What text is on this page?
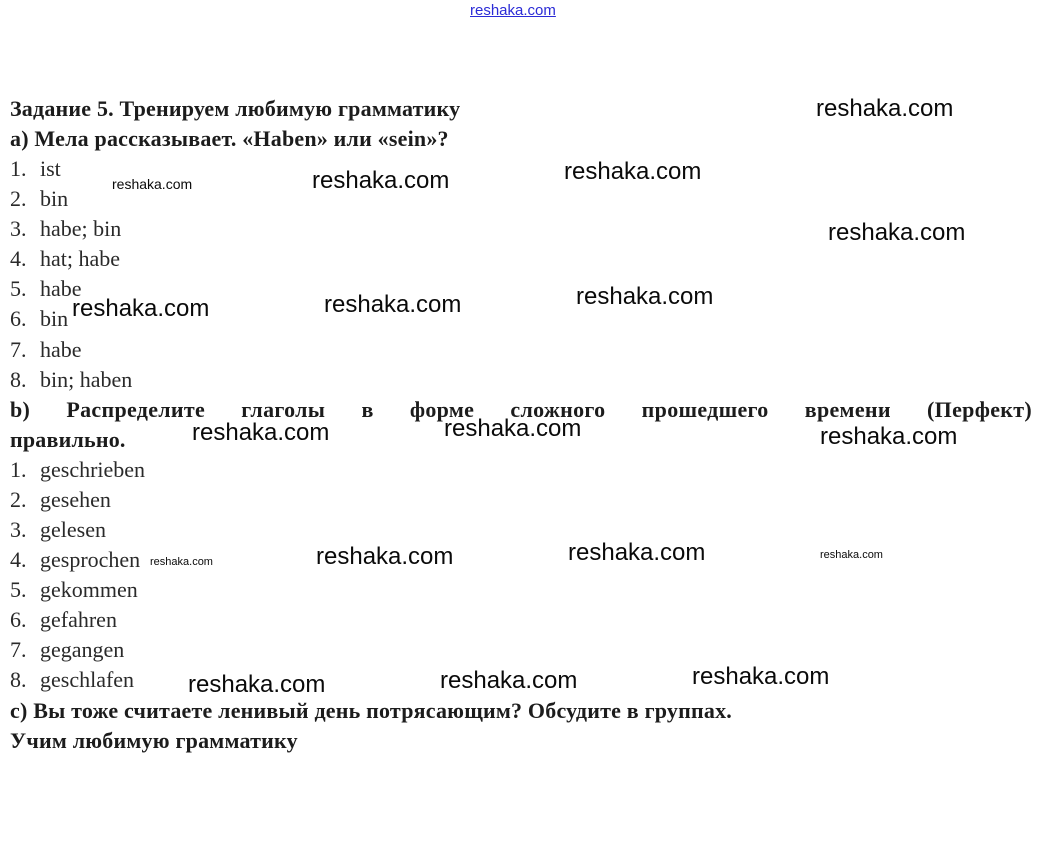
reshaka.com
Задание 5. Тренируем любимую грамматику
a) Мела рассказывает. «Haben» или «sein»?
1. ist
2. bin
3. habe; bin
4. hat; habe
5. habe
6. bin
7. habe
8. bin; haben
b) Распределите глаголы в форме сложного прошедшего времени (Перфект)
правильно.
1. geschrieben
2. gesehen
3. gelesen
4. gesprochen
5. gekommen
6. gefahren
7. gegangen
8. geschlafen
c) Вы тоже считаете ленивый день потрясающим? Обсудите в группах.
Учим любимую грамматику
reshaka.com
reshaka.com	reshaka.com	reshaka.com
reshaka.com
reshaka.com	reshaka.com	reshaka.com
reshaka.com	reshaka.com	reshaka.com
reshaka.com	reshaka.com	reshaka.com	reshaka.com
reshaka.com	reshaka.com	reshaka.com
